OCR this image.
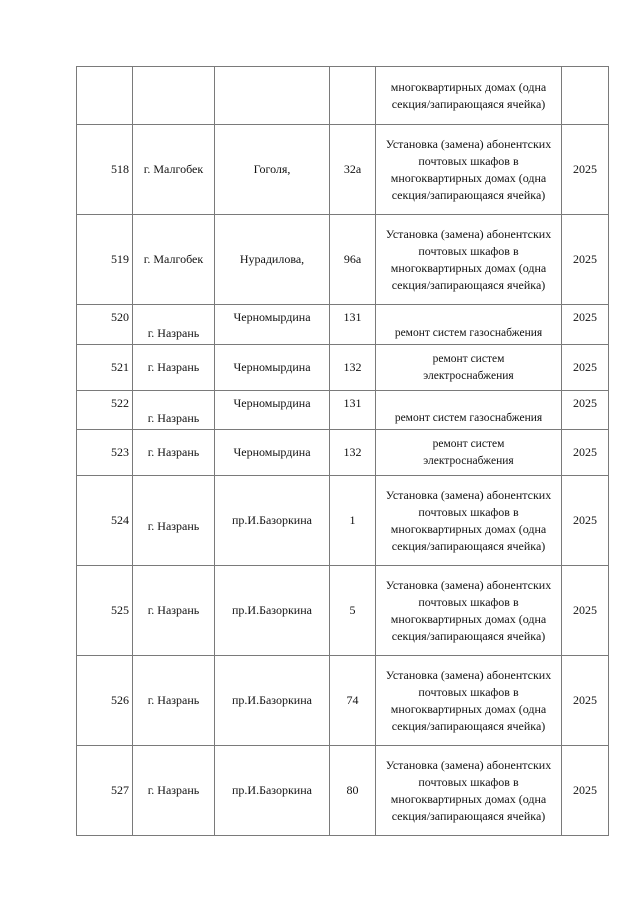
				многоквартирных домах (одна секция/запирающаяся ячейка)	
518	г. Малгобек	Гоголя,	32а	Установка (замена) абонентских почтовых шкафов в многоквартирных домах (одна секция/запирающаяся ячейка)	2025
519	г. Малгобек	Нурадилова,	96а	Установка (замена) абонентских почтовых шкафов в многоквартирных домах (одна секция/запирающаяся ячейка)	2025
520	г. Назрань	Черномырдина	131	ремонт систем газоснабжения	2025
521	г. Назрань	Черномырдина	132	ремонт систем электроснабжения	2025
522	г. Назрань	Черномырдина	131	ремонт систем газоснабжения	2025
523	г. Назрань	Черномырдина	132	ремонт систем электроснабжения	2025
524	г. Назрань	пр.И.Базоркина	1	Установка (замена) абонентских почтовых шкафов в многоквартирных домах (одна секция/запирающаяся ячейка)	2025
525	г. Назрань	пр.И.Базоркина	5	Установка (замена) абонентских почтовых шкафов в многоквартирных домах (одна секция/запирающаяся ячейка)	2025
526	г. Назрань	пр.И.Базоркина	74	Установка (замена) абонентских почтовых шкафов в многоквартирных домах (одна секция/запирающаяся ячейка)	2025
527	г. Назрань	пр.И.Базоркина	80	Установка (замена) абонентских почтовых шкафов в многоквартирных домах (одна секция/запирающаяся ячейка)	2025
